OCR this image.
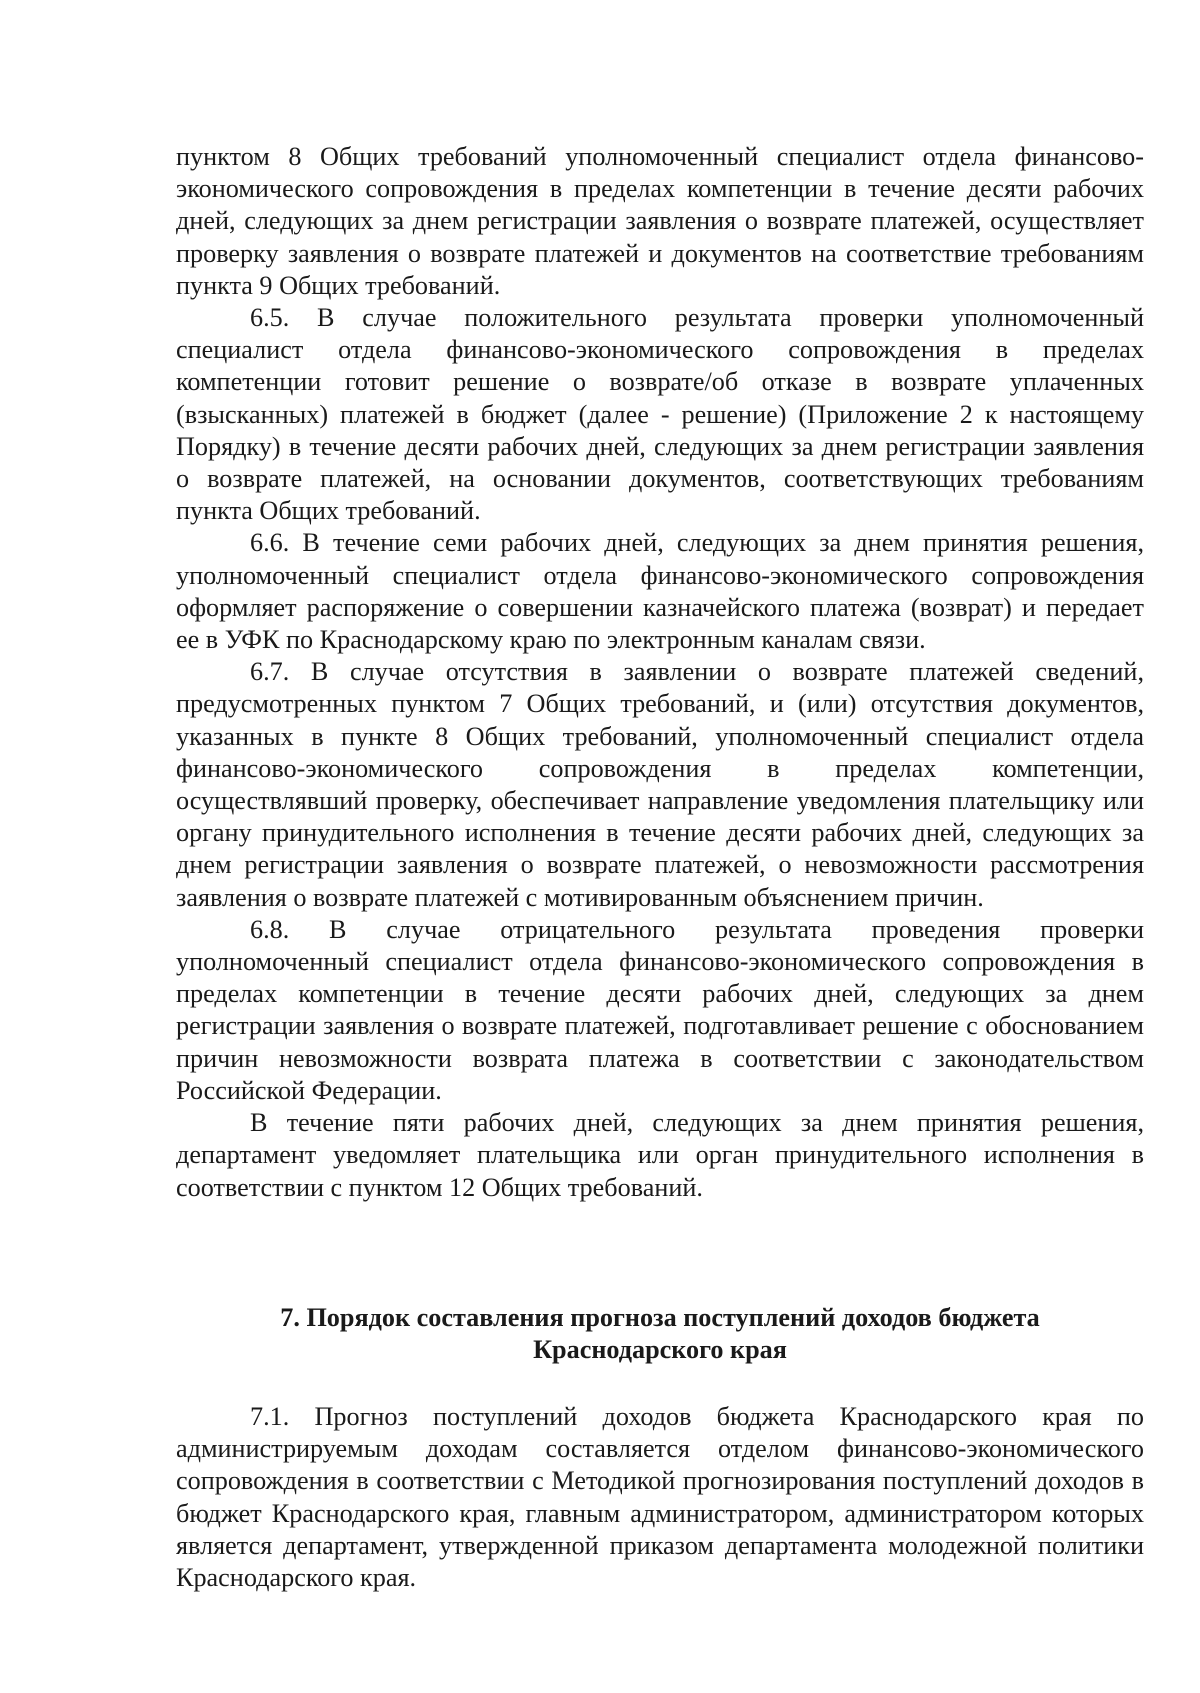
пунктом 8 Общих требований уполномоченный специалист отдела финансово-экономического сопровождения в пределах компетенции в течение десяти рабочих дней, следующих за днем регистрации заявления о возврате платежей, осуществляет проверку заявления о возврате платежей и документов на соответствие требованиям пункта 9 Общих требований.

6.5. В случае положительного результата проверки уполномоченный специалист отдела финансово-экономического сопровождения в пределах компетенции готовит решение о возврате/об отказе в возврате уплаченных (взысканных) платежей в бюджет (далее - решение) (Приложение 2 к настоящему Порядку) в течение десяти рабочих дней, следующих за днем регистрации заявления о возврате платежей, на основании документов, соответствующих требованиям пункта Общих требований.

6.6. В течение семи рабочих дней, следующих за днем принятия решения, уполномоченный специалист отдела финансово-экономического сопровождения оформляет распоряжение о совершении казначейского платежа (возврат) и передает ее в УФК по Краснодарскому краю по электронным каналам связи.

6.7. В случае отсутствия в заявлении о возврате платежей сведений, предусмотренных пунктом 7 Общих требований, и (или) отсутствия документов, указанных в пункте 8 Общих требований, уполномоченный специалист отдела финансово-экономического сопровождения в пределах компетенции, осуществлявший проверку, обеспечивает направление уведомления плательщику или органу принудительного исполнения в течение десяти рабочих дней, следующих за днем регистрации заявления о возврате платежей, о невозможности рассмотрения заявления о возврате платежей с мотивированным объяснением причин.

6.8. В случае отрицательного результата проведения проверки уполномоченный специалист отдела финансово-экономического сопровождения в пределах компетенции в течение десяти рабочих дней, следующих за днем регистрации заявления о возврате платежей, подготавливает решение с обоснованием причин невозможности возврата платежа в соответствии с законодательством Российской Федерации.

В течение пяти рабочих дней, следующих за днем принятия решения, департамент уведомляет плательщика или орган принудительного исполнения в соответствии с пунктом 12 Общих требований.

7. Порядок составления прогноза поступлений доходов бюджета
Краснодарского края

7.1. Прогноз поступлений доходов бюджета Краснодарского края по администрируемым доходам составляется отделом финансово-экономического сопровождения в соответствии с Методикой прогнозирования поступлений доходов в бюджет Краснодарского края, главным администратором, администратором которых является департамент, утвержденной приказом департамента молодежной политики Краснодарского края.
